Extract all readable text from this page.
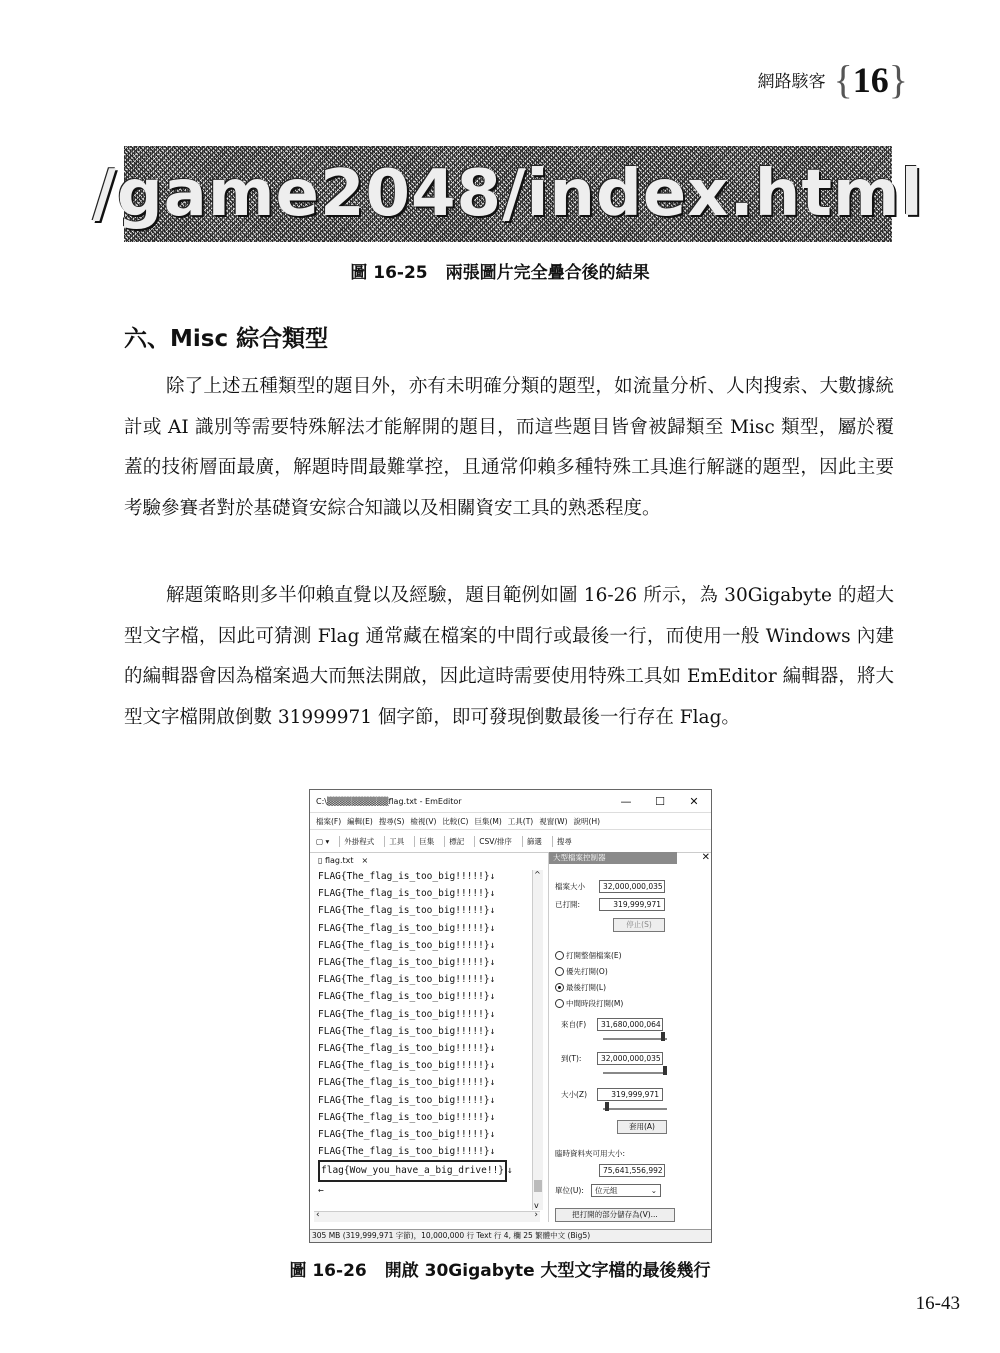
網路駭客 { 16 }
/game2048/index.html
圖 16-25 兩張圖片完全疊合後的結果
六、Misc 綜合類型

除了上述五種類型的題目外，亦有未明確分類的題型，如流量分析、人肉搜索、大數據統計或 AI 識別等需要特殊解法才能解開的題目，而這些題目皆會被歸類至 Misc 類型，屬於覆蓋的技術層面最廣，解題時間最難掌控，且通常仰賴多種特殊工具進行解謎的題型，因此主要考驗參賽者對於基礎資安綜合知識以及相關資安工具的熟悉程度。

解題策略則多半仰賴直覺以及經驗，題目範例如圖 16-26 所示，為 30Gigabyte 的超大型文字檔，因此可猜測 Flag 通常藏在檔案的中間行或最後一行，而使用一般 Windows 內建的編輯器會因為檔案過大而無法開啟，因此這時需要使用特殊工具如 EmEditor 編輯器，將大型文字檔開啟倒數 31999971 個字節，即可發現倒數最後一行存在 Flag。

C:\▒▒▒▒▒▒▒▒▒▒flag.txt - EmEditor	—	☐	✕
檔案(F) 編輯(E) 搜尋(S) 檢視(V) 比較(C) 巨集(M) 工具(T) 視窗(W) 說明(H)
▢ ▾	外掛程式	工具	巨集	標記	CSV/排序	篩選	搜尋
▯ flag.txt ×
FLAG{The_flag_is_too_big!!!!!}↓
FLAG{The_flag_is_too_big!!!!!}↓
FLAG{The_flag_is_too_big!!!!!}↓
FLAG{The_flag_is_too_big!!!!!}↓
FLAG{The_flag_is_too_big!!!!!}↓
FLAG{The_flag_is_too_big!!!!!}↓
FLAG{The_flag_is_too_big!!!!!}↓
FLAG{The_flag_is_too_big!!!!!}↓
FLAG{The_flag_is_too_big!!!!!}↓
FLAG{The_flag_is_too_big!!!!!}↓
FLAG{The_flag_is_too_big!!!!!}↓
FLAG{The_flag_is_too_big!!!!!}↓
FLAG{The_flag_is_too_big!!!!!}↓
FLAG{The_flag_is_too_big!!!!!}↓
FLAG{The_flag_is_too_big!!!!!}↓
FLAG{The_flag_is_too_big!!!!!}↓
FLAG{The_flag_is_too_big!!!!!}↓
flag{Wow_you_have_a_big_drive!!} ↓
←
^
v
‹	›
大型檔案控制器	✕
檔案大小	32,000,000,035
已打開:	319,999,971
停止(S)
打開整個檔案(E)
優先打開(O)
最後打開(L)
中間時段打開(M)
來自(F)	31,680,000,064
到(T):	32,000,000,035
大小(Z)	319,999,971
套用(A)
臨時資料夾可用大小:
75,641,556,992
單位(U):	位元組	⌄
把打開的部分儲存為(V)...
305 MB (319,999,971 字節)，10,000,000 行 Text 行 4, 欄 25 繁體中文 (Big5)
圖 16-26 開啟 30Gigabyte 大型文字檔的最後幾行
16-43
